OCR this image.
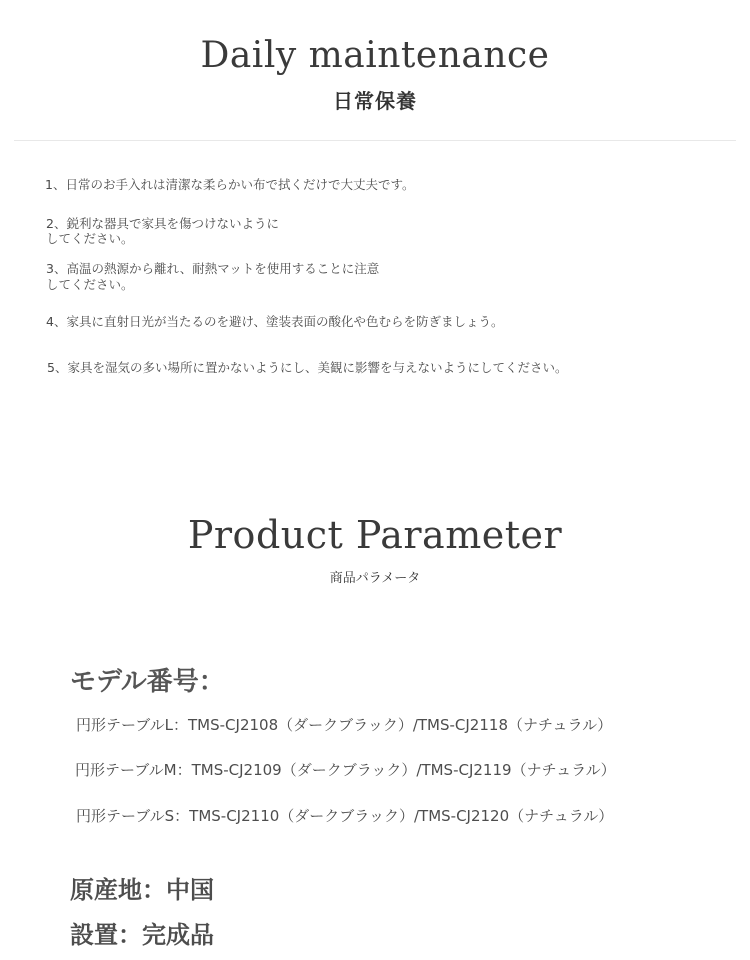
Daily maintenance
日常保養
1、日常のお手入れは清潔な柔らかい布で拭くだけで大丈夫です。
2、鋭利な器具で家具を傷つけないように
してください。
3、高温の熱源から離れ、耐熱マットを使用することに注意
してください。
4、家具に直射日光が当たるのを避け、塗装表面の酸化や色むらを防ぎましょう。
5、家具を湿気の多い場所に置かないようにし、美観に影響を与えないようにしてください。
Product Parameter
商品パラメータ
モデル番号：
円形テーブルL：TMS-CJ2108（ダークブラック）/TMS-CJ2118（ナチュラル）
円形テーブルM：TMS-CJ2109（ダークブラック）/TMS-CJ2119（ナチュラル）
円形テーブルS：TMS-CJ2110（ダークブラック）/TMS-CJ2120（ナチュラル）
原産地：中国
設置：完成品
